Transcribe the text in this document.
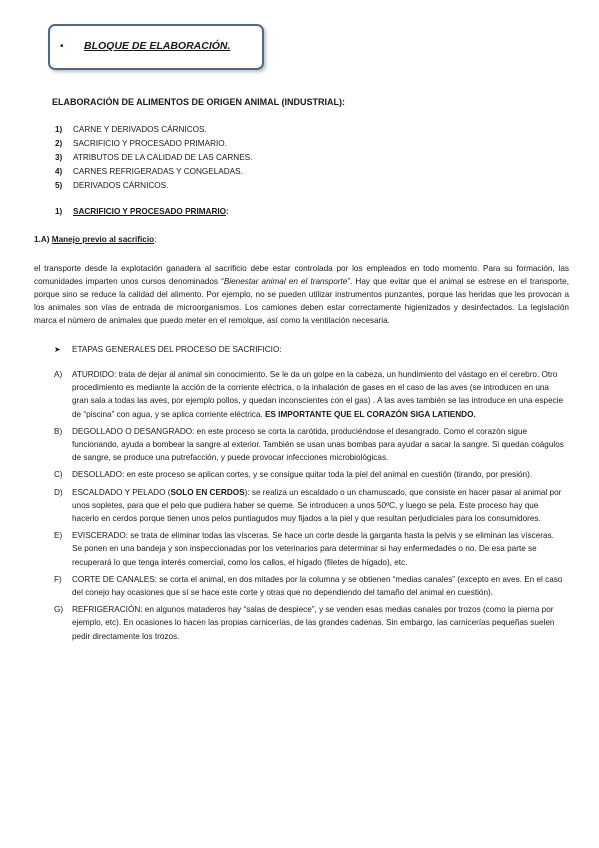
• BLOQUE DE ELABORACIÓN.
ELABORACIÓN DE ALIMENTOS DE ORIGEN ANIMAL (INDUSTRIAL):
1) CARNE Y DERIVADOS CÁRNICOS.
2) SACRIFICIO Y PROCESADO PRIMARIO.
3) ATRIBUTOS DE LA CALIDAD DE LAS CARNES.
4) CARNES REFRIGERADAS Y CONGELADAS.
5) DERIVADOS CÁRNICOS.
1) SACRIFICIO Y PROCESADO PRIMARIO:
1.A) Manejo previo al sacrificio:
el transporte desde la explotación ganadera al sacrificio debe estar controlada por los empleados en todo momento. Para su formación, las comunidades imparten unos cursos denominados “Bienestar animal en el transporte”. Hay que evitar que el animal se estrese en el transporte, porque sino se reduce la calidad del alimento. Por ejemplo, no se pueden utilizar instrumentos punzantes, porque las heridas que les provocan a los animales son vías de entrada de microorganismos. Los camiones deben estar correctamente higienizados y desinfectados. La legislación marca el número de animales que puedo meter en el remolque, así como la ventilación necesaria.
➤ ETAPAS GENERALES DEL PROCESO DE SACRIFICIO:
A)	ATURDIDO: trata de dejar al animal sin conocimiento. Se le da un golpe en la cabeza, un hundimiento del vástago en el cerebro. Otro procedimiento es mediante la acción de la corriente eléctrica, o la inhalación de gases en el caso de las aves (se introducen en una gran sala a todas las aves, por ejemplo pollos, y quedan inconscientes con el gas) . A las aves también se las introduce en una especie de “piscina” con agua, y se aplica corriente eléctrica. ES IMPORTANTE QUE EL CORAZÓN SIGA LATIENDO.
B)	DEGOLLADO O DESANGRADO: en este proceso se corta la carótida, produciéndose el desangrado. Como el corazón sigue funcionando, ayuda a bombear la sangre al exterior. También se usan unas bombas para ayudar a sacar la sangre. Si quedan coágulos de sangre, se produce una putrefacción, y puede provocar infecciones microbiológicas.
C)	DESOLLADO: en este proceso se aplican cortes, y se consigue quitar toda la piel del animal en cuestión (tirando, por presión).
D)	ESCALDADO Y PELADO (SOLO EN CERDOS): se realiza un escaldado o un chamuscado, que consiste en hacer pasar al animal por unos sopletes, para que el pelo que pudiera haber se queme. Se introducen a unos 50ºC, y luego se pela. Este proceso hay que hacerlo en cerdos porque tienen unos pelos puntiagudos muy fijados a la piel y que resultan perjudiciales para los consumidores.
E)	EVISCERADO: se trata de eliminar todas las vísceras. Se hace un corte desde la garganta hasta la pelvis y se eliminan las vísceras. Se ponen en una bandeja y son inspeccionadas por los veterinarios para determinar si hay enfermedades o no. De esa parte se recuperará lo que tenga interés comercial, como los callos, el hígado (filetes de hígado), etc.
F)	CORTE DE CANALES: se corta el animal, en dos mitades por la columna y se obtienen “medias canales” (excepto en aves. En el caso del conejo hay ocasiones que sí se hace este corte y otras que no dependiendo del tamaño del animal en cuestión).
G)	REFRIGERACIÓN: en algunos mataderos hay “salas de despiece”, y se venden esas medias canales por trozos (como la pierna por ejemplo, etc). En ocasiones lo hacen las propias carnicerías, de las grandes cadenas. Sin embargo, las carnicerías pequeñas suelen pedir directamente los trozos.
